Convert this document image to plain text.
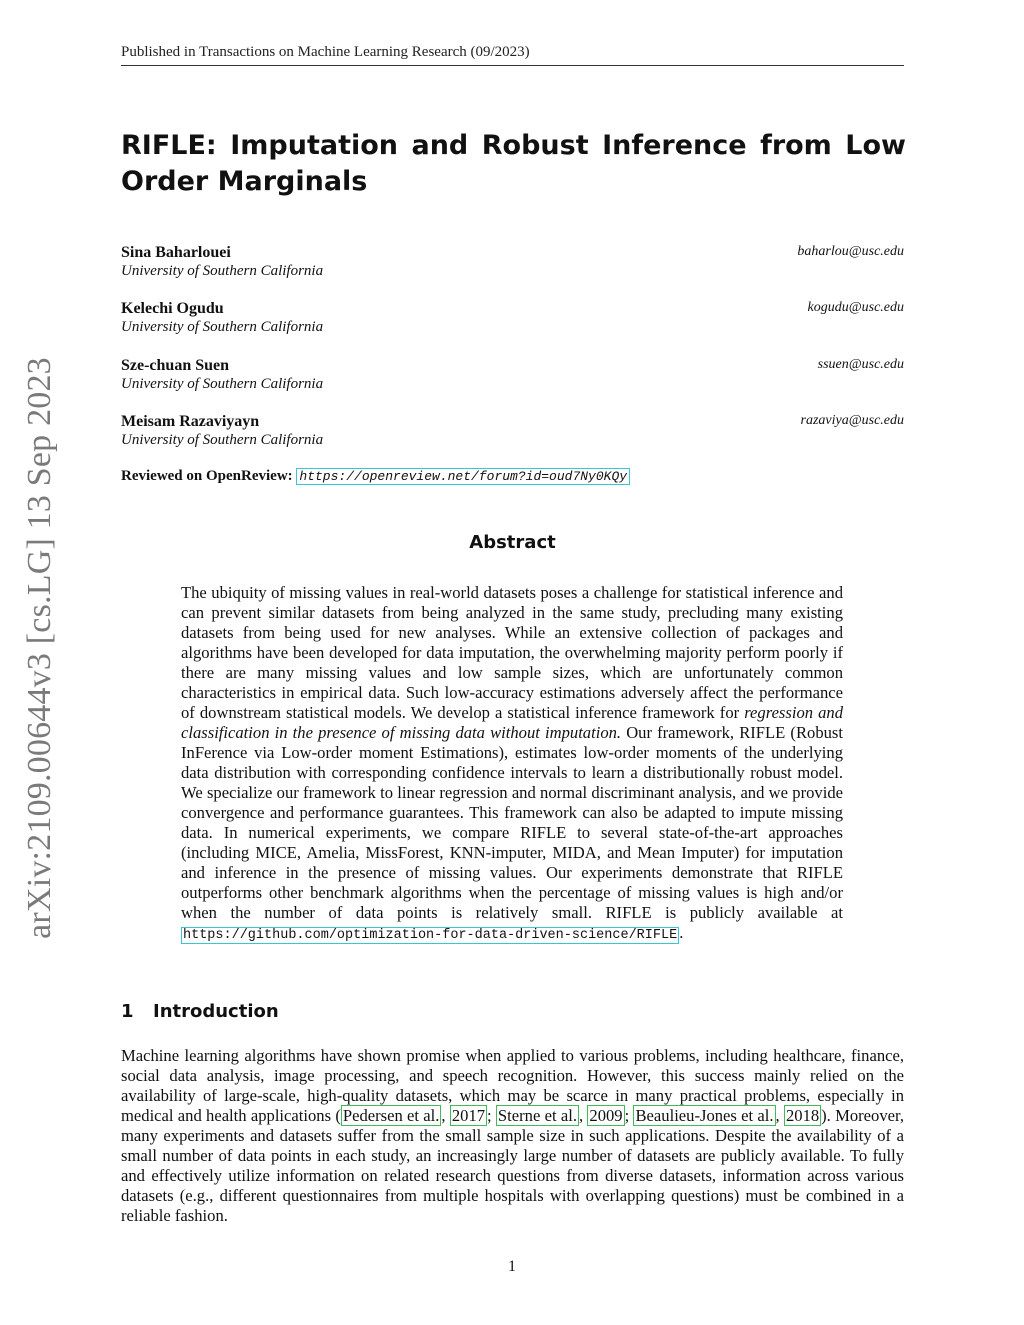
arXiv:2109.00644v3 [cs.LG] 13 Sep 2023
Published in Transactions on Machine Learning Research (09/2023)
RIFLE: Imputation and Robust Inference from Low Order Marginals
Sina Baharlouei
University of Southern California
baharlou@usc.edu
Kelechi Ogudu
University of Southern California
kogudu@usc.edu
Sze-chuan Suen
University of Southern California
ssuen@usc.edu
Meisam Razaviyayn
University of Southern California
razaviya@usc.edu
Reviewed on OpenReview: https://openreview.net/forum?id=oud7Ny0KQy
Abstract

The ubiquity of missing values in real-world datasets poses a challenge for statistical inference and can prevent similar datasets from being analyzed in the same study, precluding many existing datasets from being used for new analyses. While an extensive collection of packages and algorithms have been developed for data imputation, the overwhelming majority perform poorly if there are many missing values and low sample sizes, which are unfortunately common characteristics in empirical data. Such low-accuracy estimations adversely affect the performance of downstream statistical models. We develop a statistical inference framework for regression and classification in the presence of missing data without imputation. Our framework, RIFLE (Robust InFerence via Low-order moment Estimations), estimates low-order moments of the underlying data distribution with corresponding confidence intervals to learn a distributionally robust model. We specialize our framework to linear regression and normal discriminant analysis, and we provide convergence and performance guarantees. This framework can also be adapted to impute missing data. In numerical experiments, we compare RIFLE to several state-of-the-art approaches (including MICE, Amelia, MissForest, KNN-imputer, MIDA, and Mean Imputer) for imputation and inference in the presence of missing values. Our experiments demonstrate that RIFLE outperforms other benchmark algorithms when the percentage of missing values is high and/or when the number of data points is relatively small. RIFLE is publicly available at https://github.com/optimization-for-data-driven-science/RIFLE .

1 Introduction

Machine learning algorithms have shown promise when applied to various problems, including healthcare, finance, social data analysis, image processing, and speech recognition. However, this success mainly relied on the availability of large-scale, high-quality datasets, which may be scarce in many practical problems, especially in medical and health applications ( Pedersen et al. , 2017 ; Sterne et al. , 2009 ; Beaulieu-Jones et al. , 2018 ). Moreover, many experiments and datasets suffer from the small sample size in such applications. Despite the availability of a small number of data points in each study, an increasingly large number of datasets are publicly available. To fully and effectively utilize information on related research questions from diverse datasets, information across various datasets (e.g., different questionnaires from multiple hospitals with overlapping questions) must be combined in a reliable fashion.

1
